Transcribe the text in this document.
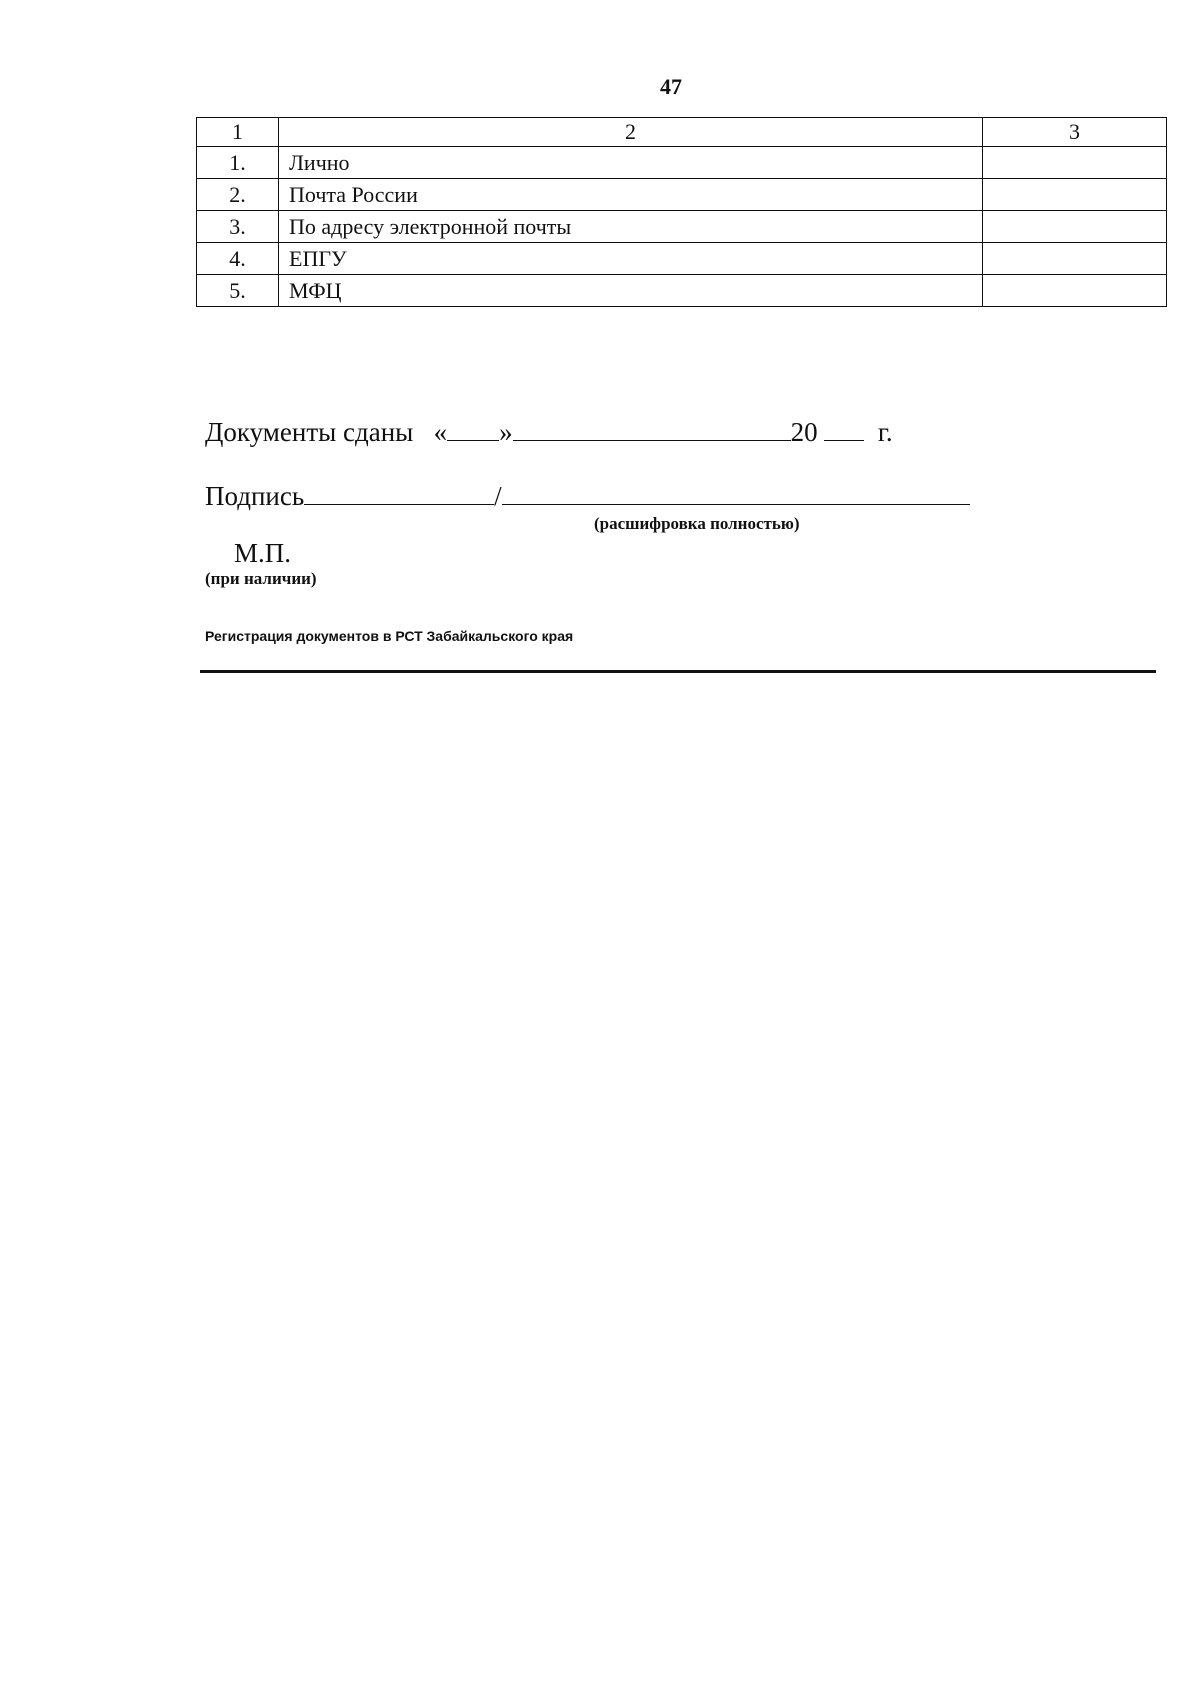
47
1	2	3
1.	Лично	
2.	Почта России	
3.	По адресу электронной почты	
4.	ЕПГУ	
5.	МФЦ	
Документы сданы « »	20 г.
Подпись	/
(расшифровка полностью)
М.П.
(при наличии)
Регистрация документов в РСТ Забайкальского края
